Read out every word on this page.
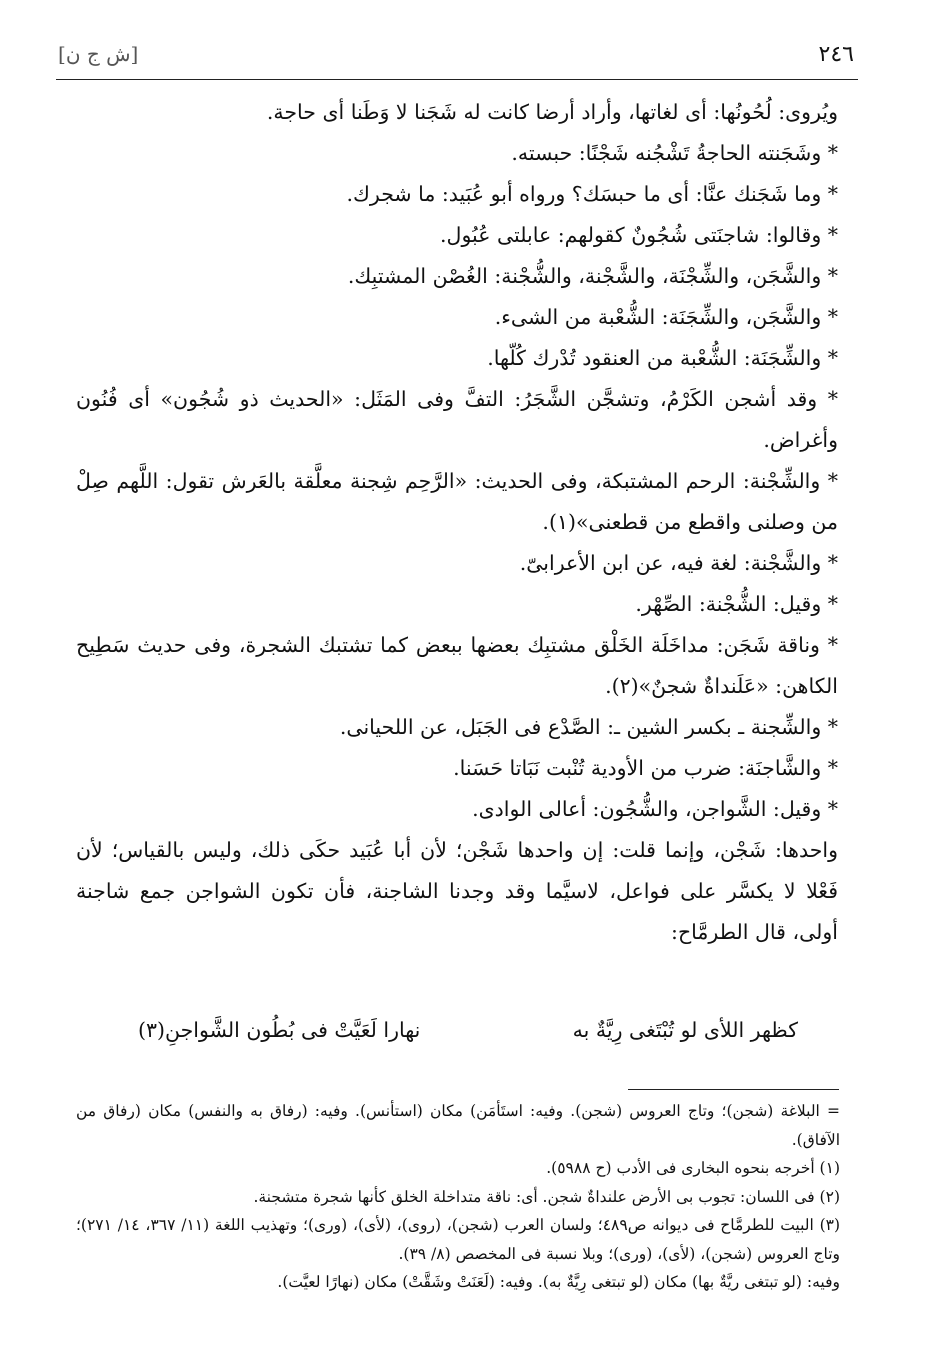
٢٤٦
[ش ج ن]

ويُروى: لُحُونُها: أى لغاتها، وأراد أرضا كانت له شَجَنا لا وَطَنا أى حاجة.

* وشَجَنته الحاجةُ تَشْجُنه شَجْنًا: حبسته.

* وما شَجَنك عنَّا: أى ما حبسَك؟ ورواه أبو عُبَيد: ما شجرك.

* وقالوا: شاجنَتى شُجُونٌ كقولهم: عابلتى عُبُول.

* والشَّجَن، والشِّجْنَة، والشَّجْنة، والشُّجْنة: الغُصْن المشتبِك.

* والشَّجَن، والشِّجَنَة: الشُّعْبة من الشىء.

* والشِّجَنَة: الشُّعْبة من العنقود تُدْرك كُلّها.

* وقد أشجن الكَرْمُ، وتشجَّن الشَّجَرُ: التفَّ وفى المَثَل: «الحديث ذو شُجُون» أى فُنُون وأغراض.

* والشِّجْنة: الرحم المشتبكة، وفى الحديث: «الرَّحِم شِجنة معلَّقة بالعَرش تقول: اللَّهم صِلْ من وصلنى واقطع من قطعنى»(١).

* والشَّجْنة: لغة فيه، عن ابن الأعرابىّ.

* وقيل: الشُّجْنة: الصِّهْر.

* وناقة شَجَن: مداخَلَة الخَلْق مشتبِك بعضها ببعض كما تشتبك الشجرة، وفى حديث سَطِيح الكاهن: «عَلَنداةٌ شجنٌ»(٢).

* والشِّجنة ـ بكسر الشين ـ: الصَّدْع فى الجَبَل، عن اللحيانى.

* والشَّاجنَة: ضرب من الأودية تُنْبت نَبَاتا حَسَنا.

* وقيل: الشَّواجن، والشُّجُون: أعالى الوادى.

واحدها: شَجْن، وإنما قلت: إن واحدها شَجْن؛ لأن أبا عُبَيد حكَى ذلك، وليس بالقياس؛ لأن فَعْلا لا يكسَّر على فواعل، لاسيَّما وقد وجدنا الشاجنة، فأن تكون الشواجن جمع شاجنة أولى، قال الطرمَّاح:

كظهر اللأى لو تُبْتَغى رِيَّةٌ به
نهارا لَعَيَّتْ فى بُطُون الشَّواجنِ(٣)

= البلاغة (شجن)؛ وتاج العروس (شجن). وفيه: استَأمَن) مكان (استأنس). وفيه: (رفاق به والنفس) مكان (رفاق من الآفاق).

(١) أخرجه بنحوه البخارى فى الأدب (ح ٥٩٨٨).

(٢) فى اللسان: تجوب بى الأرض علنداةٌ شجن. أى: ناقة متداخلة الخلق كأنها شجرة متشجنة.

(٣) البيت للطرمَّاح فى ديوانه ص٤٨٩؛ ولسان العرب (شجن)، (روى)، (لأى)، (ورى)؛ وتهذيب اللغة (١١/ ٣٦٧، ١٤/ ٢٧١)؛ وتاج العروس (شجن)، (لأى)، (ورى)؛ وبلا نسبة فى المخصص (٨/ ٣٩).

وفيه: (لو تبتغى ريَّةٌ بها) مكان (لو تبتغى رِيَّةٌ به). وفيه: (لَعَنَتْ وشَقَّتْ) مكان (نهارًا لعيَّت).
